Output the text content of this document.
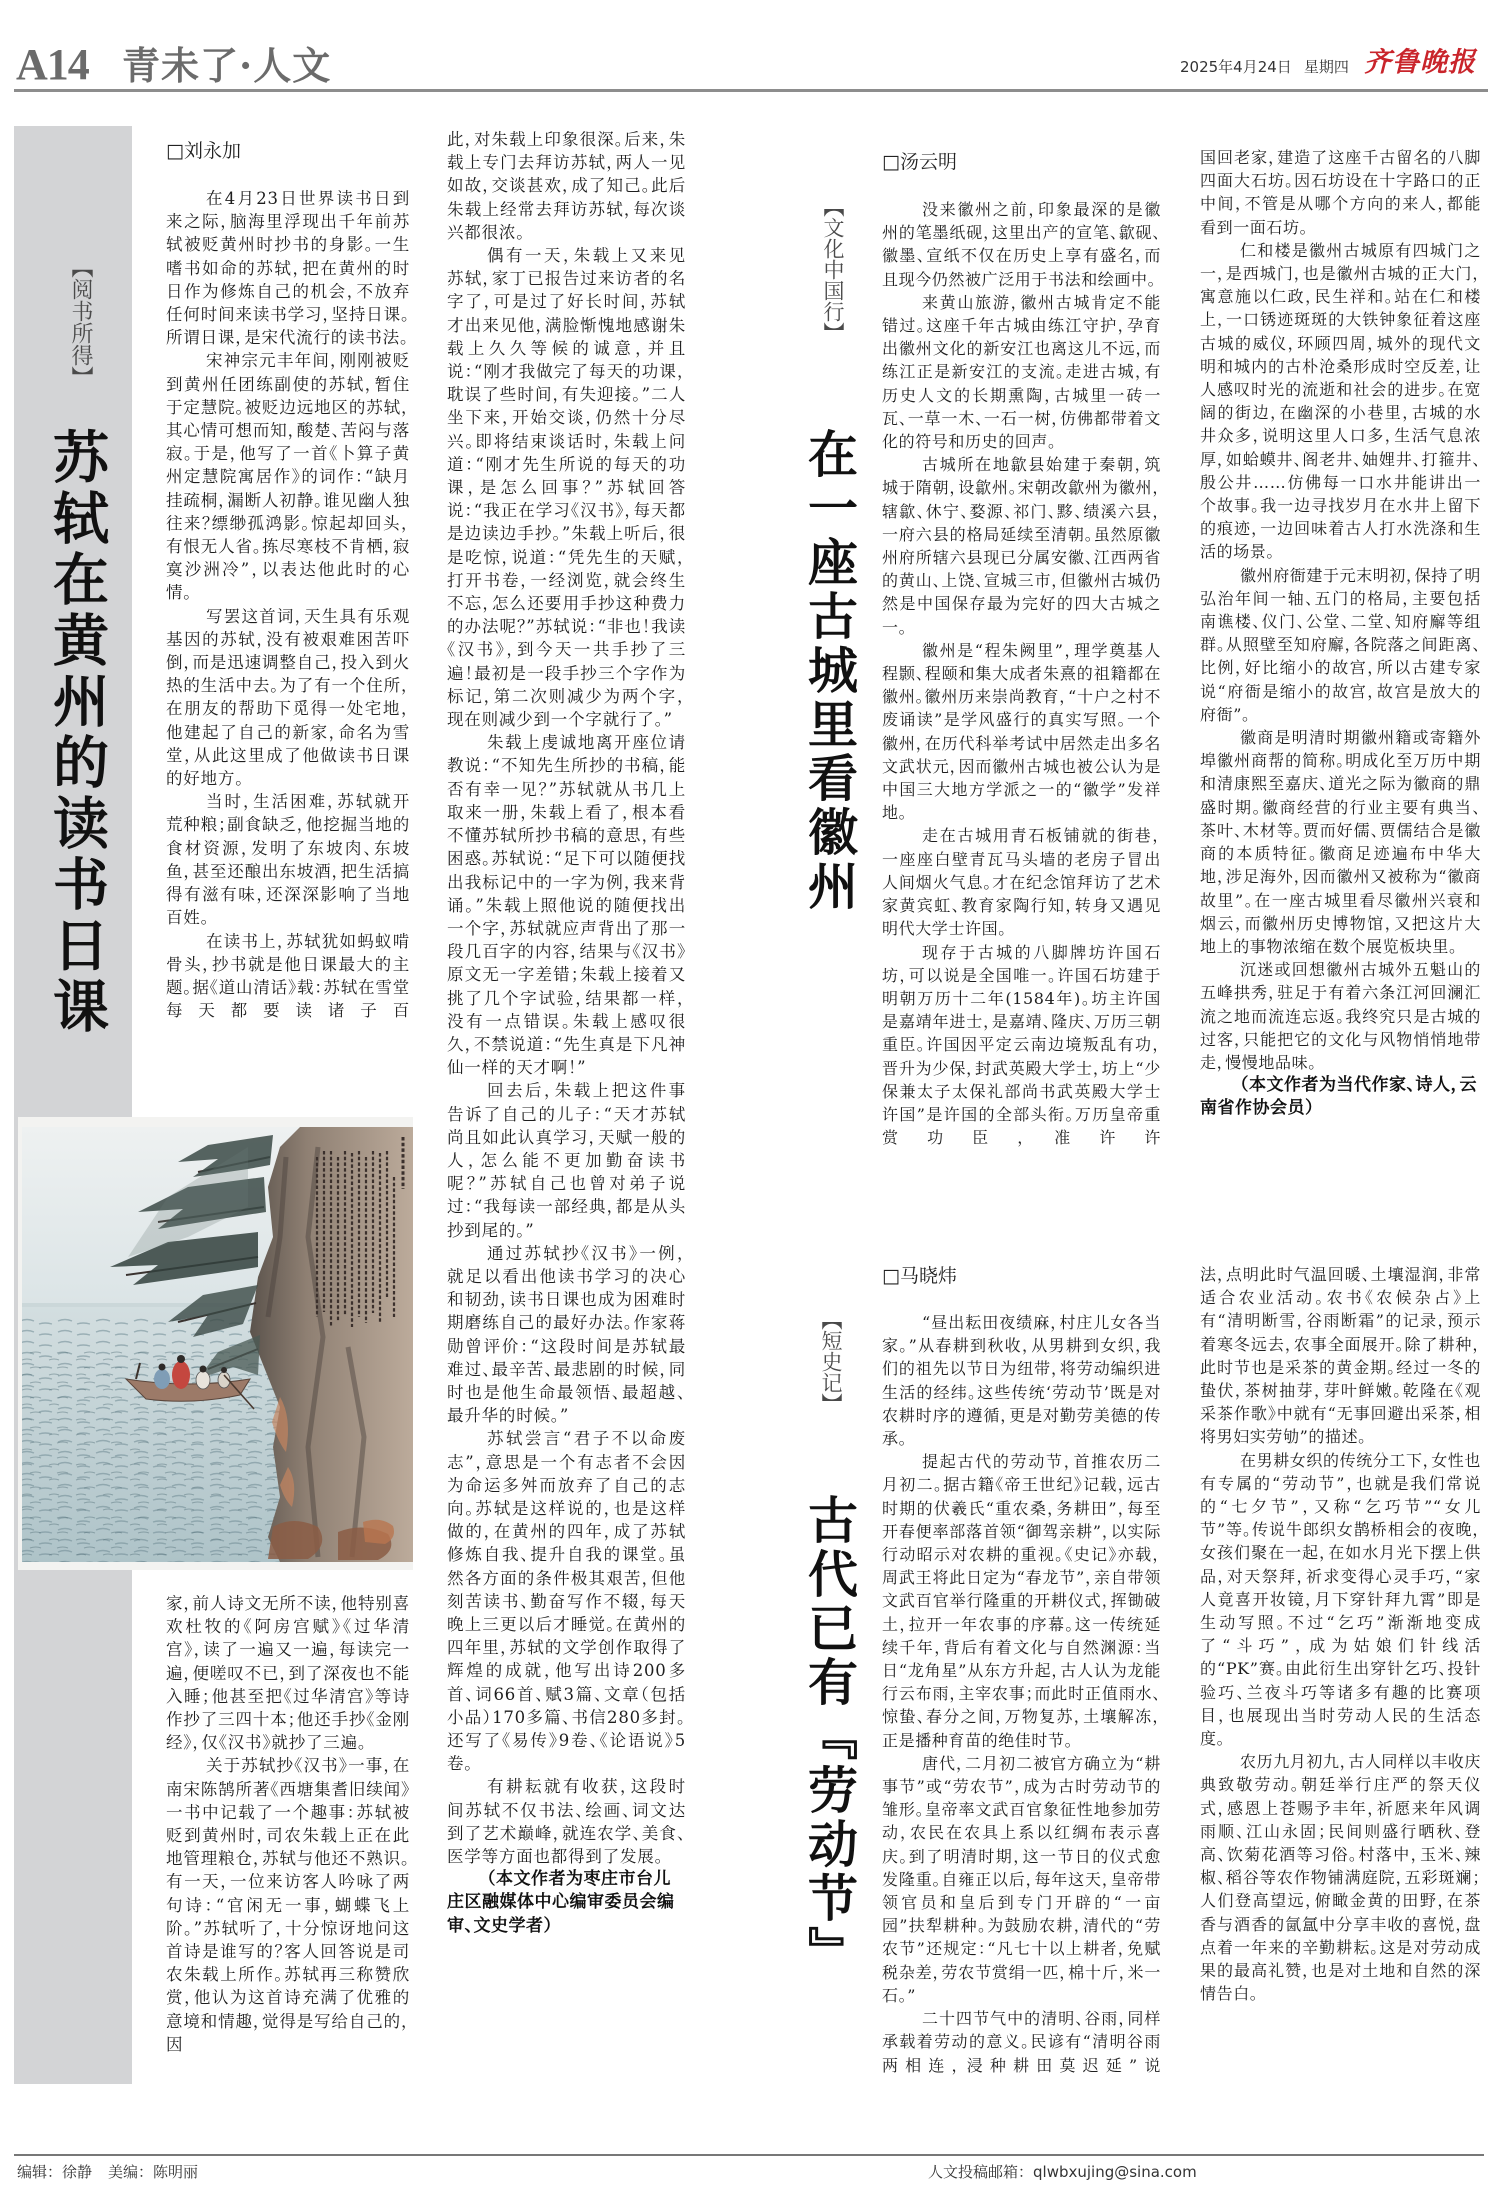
A14 青未了·人文	2025年4月24日 星期四 齐鲁晚报
【阅书所得】
苏轼在黄州的读书日课
□刘永加

在4月23日世界读书日到来之际，脑海里浮现出千年前苏轼被贬黄州时抄书的身影。一生嗜书如命的苏轼，把在黄州的时日作为修炼自己的机会，不放弃任何时间来读书学习，坚持日课。所谓日课，是宋代流行的读书法。

宋神宗元丰年间，刚刚被贬到黄州任团练副使的苏轼，暂住于定慧院。被贬边远地区的苏轼，其心情可想而知，酸楚、苦闷与落寂。于是，他写了一首《卜算子黄州定慧院寓居作》的词作：“缺月挂疏桐，漏断人初静。谁见幽人独往来？缥缈孤鸿影。惊起却回头，有恨无人省。拣尽寒枝不肯栖，寂寞沙洲冷”，以表达他此时的心情。

写罢这首词，天生具有乐观基因的苏轼，没有被艰难困苦吓倒，而是迅速调整自己，投入到火热的生活中去。为了有一个住所，在朋友的帮助下觅得一处宅地，他建起了自己的新家，命名为雪堂，从此这里成了他做读书日课的好地方。

当时，生活困难，苏轼就开荒种粮；副食缺乏，他挖掘当地的食材资源，发明了东坡肉、东坡鱼，甚至还酿出东坡酒，把生活搞得有滋有味，还深深影响了当地百姓。

在读书上，苏轼犹如蚂蚁啃骨头，抄书就是他日课最大的主题。据《道山清话》载：苏轼在雪堂每天都要读诸子百

家，前人诗文无所不读，他特别喜欢杜牧的《阿房宫赋》《过华清宫》，读了一遍又一遍，每读完一遍，便嗟叹不已，到了深夜也不能入睡；他甚至把《过华清宫》等诗作抄了三四十本；他还手抄《金刚经》，仅《汉书》就抄了三遍。

关于苏轼抄《汉书》一事，在南宋陈鹄所著《西塘集耆旧续闻》一书中记载了一个趣事：苏轼被贬到黄州时，司农朱载上正在此地管理粮仓，苏轼与他还不熟识。有一天，一位来访客人吟咏了两句诗：“官闲无一事，蝴蝶飞上阶。”苏轼听了，十分惊讶地问这首诗是谁写的？客人回答说是司农朱载上所作。苏轼再三称赞欣赏，他认为这首诗充满了优雅的意境和情趣，觉得是写给自己的，因

此，对朱载上印象很深。后来，朱载上专门去拜访苏轼，两人一见如故，交谈甚欢，成了知己。此后朱载上经常去拜访苏轼，每次谈兴都很浓。

偶有一天，朱载上又来见苏轼，家丁已报告过来访者的名字了，可是过了好长时间，苏轼才出来见他，满脸惭愧地感谢朱载上久久等候的诚意，并且说：“刚才我做完了每天的功课，耽误了些时间，有失迎接。”二人坐下来，开始交谈，仍然十分尽兴。即将结束谈话时，朱载上问道：“刚才先生所说的每天的功课，是怎么回事？”苏轼回答说：“我正在学习《汉书》，每天都是边读边手抄。”朱载上听后，很是吃惊，说道：“凭先生的天赋，打开书卷，一经浏览，就会终生不忘，怎么还要用手抄这种费力的办法呢？”苏轼说：“非也！我读《汉书》，到今天一共手抄了三遍！最初是一段手抄三个字作为标记，第二次则减少为两个字，现在则减少到一个字就行了。”

朱载上虔诚地离开座位请教说：“不知先生所抄的书稿，能否有幸一见？”苏轼就从书几上取来一册，朱载上看了，根本看不懂苏轼所抄书稿的意思，有些困惑。苏轼说：“足下可以随便找出我标记中的一字为例，我来背诵。”朱载上照他说的随便找出一个字，苏轼就应声背出了那一段几百字的内容，结果与《汉书》原文无一字差错；朱载上接着又挑了几个字试验，结果都一样，没有一点错误。朱载上感叹很久，不禁说道：“先生真是下凡神仙一样的天才啊！”

回去后，朱载上把这件事告诉了自己的儿子：“天才苏轼尚且如此认真学习，天赋一般的人，怎么能不更加勤奋读书呢？”苏轼自己也曾对弟子说过：“我每读一部经典，都是从头抄到尾的。”

通过苏轼抄《汉书》一例，就足以看出他读书学习的决心和韧劲，读书日课也成为困难时期磨练自己的最好办法。作家蒋勋曾评价：“这段时间是苏轼最难过、最辛苦、最悲剧的时候，同时也是他生命最领悟、最超越、最升华的时候。”

苏轼尝言“君子不以命废志”，意思是一个有志者不会因为命运多舛而放弃了自己的志向。苏轼是这样说的，也是这样做的，在黄州的四年，成了苏轼修炼自我、提升自我的课堂。虽然各方面的条件极其艰苦，但他刻苦读书、勤奋写作不辍，每天晚上三更以后才睡觉。在黄州的四年里，苏轼的文学创作取得了辉煌的成就，他写出诗200多首、词66首、赋3篇、文章（包括小品）170多篇、书信280多封。还写了《易传》9卷、《论语说》5卷。

有耕耘就有收获，这段时间苏轼不仅书法、绘画、词文达到了艺术巅峰，就连农学、美食、医学等方面也都得到了发展。

（本文作者为枣庄市台儿庄区融媒体中心编审委员会编审、文史学者）

【文化中国行】
在一座古城里看徽州
□汤云明

没来徽州之前，印象最深的是徽州的笔墨纸砚，这里出产的宣笔、歙砚、徽墨、宣纸不仅在历史上享有盛名，而且现今仍然被广泛用于书法和绘画中。

来黄山旅游，徽州古城肯定不能错过。这座千年古城由练江守护，孕育出徽州文化的新安江也离这儿不远，而练江正是新安江的支流。走进古城，有历史人文的长期熏陶，古城里一砖一瓦、一草一木、一石一树，仿佛都带着文化的符号和历史的回声。

古城所在地歙县始建于秦朝，筑城于隋朝，设歙州。宋朝改歙州为徽州，辖歙、休宁、婺源、祁门、黟、绩溪六县，一府六县的格局延续至清朝。虽然原徽州府所辖六县现已分属安徽、江西两省的黄山、上饶、宣城三市，但徽州古城仍然是中国保存最为完好的四大古城之一。

徽州是“程朱阙里”，理学奠基人程颢、程颐和集大成者朱熹的祖籍都在徽州。徽州历来崇尚教育，“十户之村不废诵读”是学风盛行的真实写照。一个徽州，在历代科举考试中居然走出多名文武状元，因而徽州古城也被公认为是中国三大地方学派之一的“徽学”发祥地。

走在古城用青石板铺就的街巷，一座座白壁青瓦马头墙的老房子冒出人间烟火气息。才在纪念馆拜访了艺术家黄宾虹、教育家陶行知，转身又遇见明代大学士许国。

现存于古城的八脚牌坊许国石坊，可以说是全国唯一。许国石坊建于明朝万历十二年(1584年)。坊主许国是嘉靖年进士，是嘉靖、隆庆、万历三朝重臣。许国因平定云南边境叛乱有功，晋升为少保，封武英殿大学士，坊上“少保兼太子太保礼部尚书武英殿大学士许国”是许国的全部头衔。万历皇帝重赏功臣，准许许

国回老家，建造了这座千古留名的八脚四面大石坊。因石坊设在十字路口的正中间，不管是从哪个方向的来人，都能看到一面石坊。

仁和楼是徽州古城原有四城门之一，是西城门，也是徽州古城的正大门，寓意施以仁政，民生祥和。站在仁和楼上，一口锈迹斑斑的大铁钟象征着这座古城的威仪，环顾四周，城外的现代文明和城内的古朴沧桑形成时空反差，让人感叹时光的流逝和社会的进步。在宽阔的街边，在幽深的小巷里，古城的水井众多，说明这里人口多，生活气息浓厚，如蛤蟆井、阁老井、妯娌井、打箍井、殷公井……仿佛每一口水井能讲出一个故事。我一边寻找岁月在水井上留下的痕迹，一边回味着古人打水洗涤和生活的场景。

徽州府衙建于元末明初，保持了明弘治年间一轴、五门的格局，主要包括南谯楼、仪门、公堂、二堂、知府廨等组群。从照壁至知府廨，各院落之间距离、比例，好比缩小的故宫，所以古建专家说“府衙是缩小的故宫，故宫是放大的府衙”。

徽商是明清时期徽州籍或寄籍外埠徽州商帮的简称。明成化至万历中期和清康熙至嘉庆、道光之际为徽商的鼎盛时期。徽商经营的行业主要有典当、茶叶、木材等。贾而好儒、贾儒结合是徽商的本质特征。徽商足迹遍布中华大地，涉足海外，因而徽州又被称为“徽商故里”。在一座古城里看尽徽州兴衰和烟云，而徽州历史博物馆，又把这片大地上的事物浓缩在数个展览板块里。

沉迷或回想徽州古城外五魁山的五峰拱秀，驻足于有着六条江河回澜汇流之地而流连忘返。我终究只是古城的过客，只能把它的文化与风物悄悄地带走，慢慢地品味。

（本文作者为当代作家、诗人，云南省作协会员）

【短史记】
古代已有『劳动节』
□马晓炜

“昼出耘田夜绩麻，村庄儿女各当家。”从春耕到秋收，从男耕到女织，我们的祖先以节日为纽带，将劳动编织进生活的经纬。这些传统‘劳动节’既是对农耕时序的遵循，更是对勤劳美德的传承。

提起古代的劳动节，首推农历二月初二。据古籍《帝王世纪》记载，远古时期的伏羲氏“重农桑，务耕田”，每至开春便率部落首领“御驾亲耕”，以实际行动昭示对农耕的重视。《史记》亦载，周武王将此日定为“春龙节”，亲自带领文武百官举行隆重的开耕仪式，挥锄破土，拉开一年农事的序幕。这一传统延续千年，背后有着文化与自然渊源：当日“龙角星”从东方升起，古人认为龙能行云布雨，主宰农事；而此时正值雨水、惊蛰、春分之间，万物复苏，土壤解冻，正是播种育苗的绝佳时节。

唐代，二月初二被官方确立为“耕事节”或“劳农节”，成为古时劳动节的雏形。皇帝率文武百官象征性地参加劳动，农民在农具上系以红绸布表示喜庆。到了明清时期，这一节日的仪式愈发隆重。自雍正以后，每年这天，皇帝带领官员和皇后到专门开辟的“一亩园”扶犁耕种。为鼓励农耕，清代的“劳农节”还规定：“凡七十以上耕者，免赋税杂差，劳农节赏绢一匹，棉十斤，米一石。”

二十四节气中的清明、谷雨，同样承载着劳动的意义。民谚有“清明谷雨两相连，浸种耕田莫迟延”说

法，点明此时气温回暖、土壤湿润，非常适合农业活动。农书《农候杂占》上有“清明断雪，谷雨断霜”的记录，预示着寒冬远去，农事全面展开。除了耕种，此时节也是采茶的黄金期。经过一冬的蛰伏，茶树抽芽，芽叶鲜嫩。乾隆在《观采茶作歌》中就有“无事回避出采茶，相将男妇实劳劬”的描述。

在男耕女织的传统分工下，女性也有专属的“劳动节”，也就是我们常说的“七夕节”，又称“乞巧节”“女儿节”等。传说牛郎织女鹊桥相会的夜晚，女孩们聚在一起，在如水月光下摆上供品，对天祭拜，祈求变得心灵手巧，“家人竟喜开妆镜，月下穿针拜九霄”即是生动写照。不过“乞巧”渐渐地变成了“斗巧”，成为姑娘们针线活的“PK”赛。由此衍生出穿针乞巧、投针验巧、兰夜斗巧等诸多有趣的比赛项目，也展现出当时劳动人民的生活态度。

农历九月初九，古人同样以丰收庆典致敬劳动。朝廷举行庄严的祭天仪式，感恩上苍赐予丰年，祈愿来年风调雨顺、江山永固；民间则盛行晒秋、登高、饮菊花酒等习俗。村落中，玉米、辣椒、稻谷等农作物铺满庭院，五彩斑斓；人们登高望远，俯瞰金黄的田野，在茶香与酒香的氤氲中分享丰收的喜悦，盘点着一年来的辛勤耕耘。这是对劳动成果的最高礼赞，也是对土地和自然的深情告白。

编辑：徐静 美编：陈明丽	人文投稿邮箱：qlwbxujing@sina.com
